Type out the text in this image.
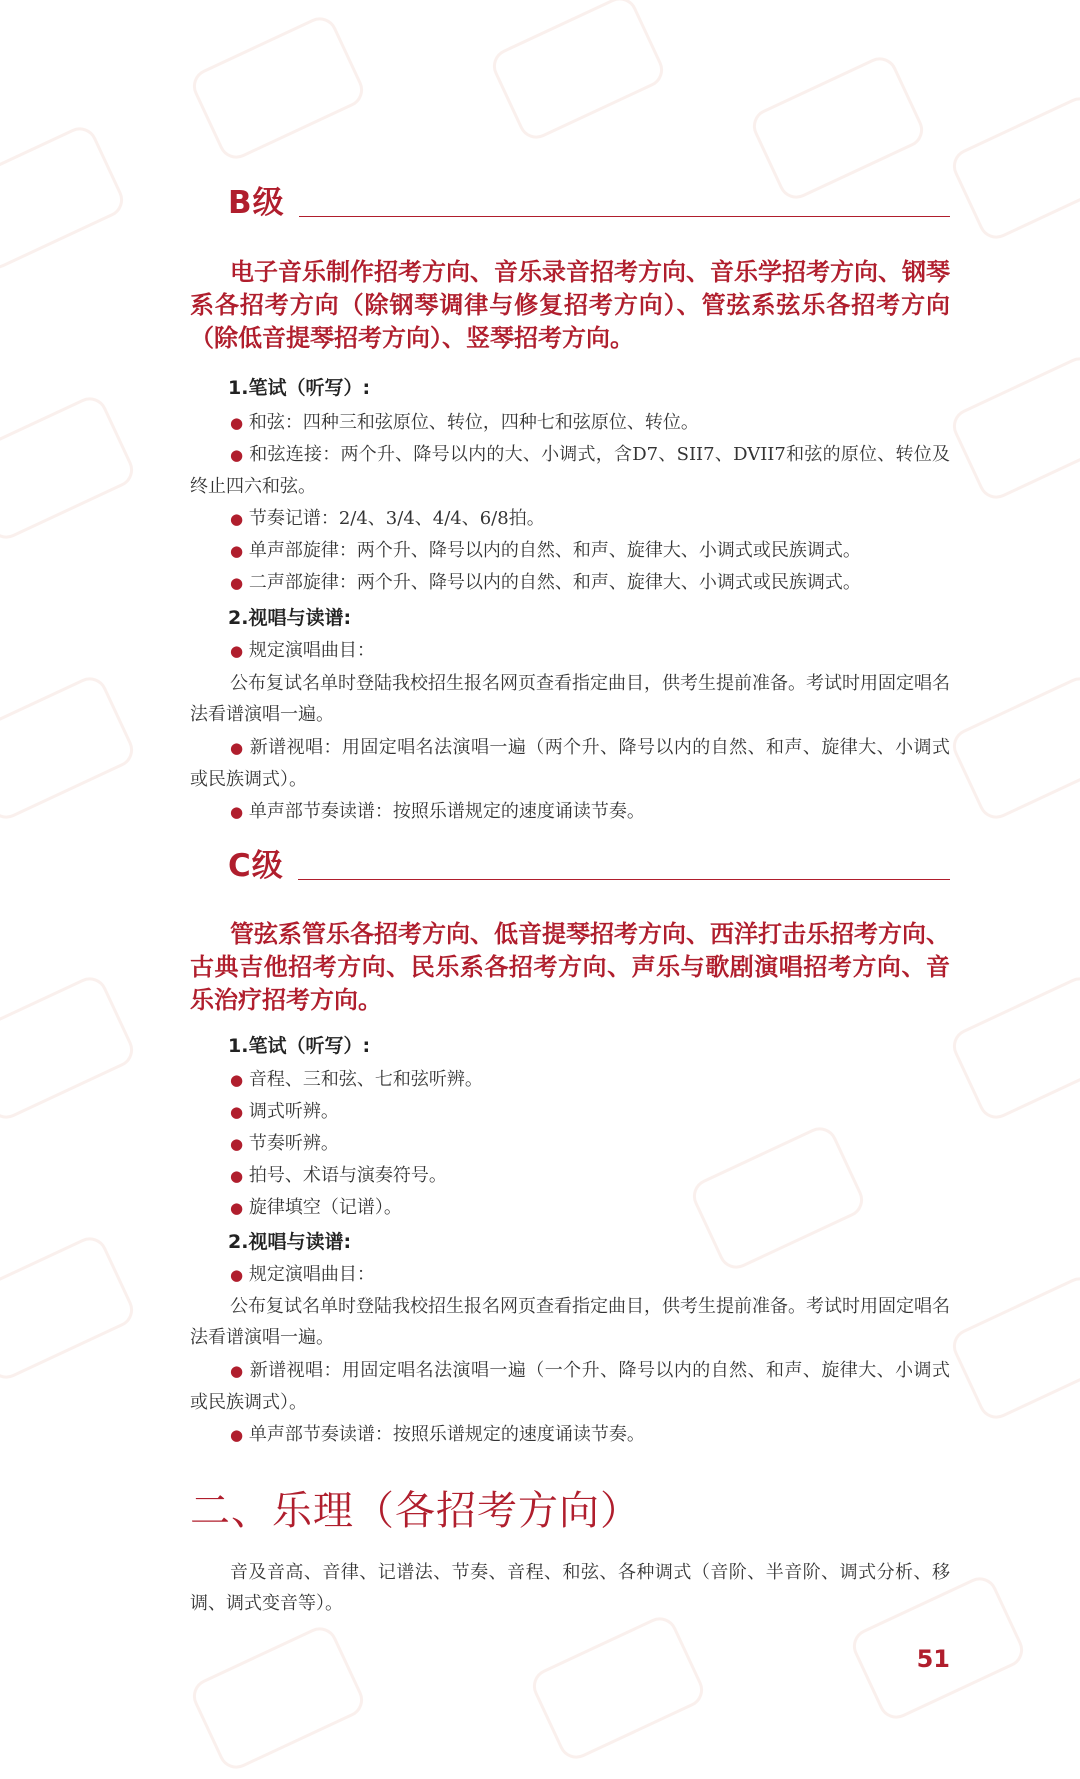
B级
电子音乐制作招考方向、音乐录音招考方向、音乐学招考方向、钢琴系各招考方向（除钢琴调律与修复招考方向）、管弦系弦乐各招考方向（除低音提琴招考方向）、竖琴招考方向。
1.笔试（听写）:
● 和弦：四种三和弦原位、转位，四种七和弦原位、转位。
● 和弦连接：两个升、降号以内的大、小调式，含D7、SII7、DVII7和弦的原位、转位及终止四六和弦。
● 节奏记谱：2/4、3/4、4/4、6/8拍。
● 单声部旋律：两个升、降号以内的自然、和声、旋律大、小调式或民族调式。
● 二声部旋律：两个升、降号以内的自然、和声、旋律大、小调式或民族调式。
2.视唱与读谱:
● 规定演唱曲目：
公布复试名单时登陆我校招生报名网页查看指定曲目，供考生提前准备。考试时用固定唱名法看谱演唱一遍。
● 新谱视唱：用固定唱名法演唱一遍（两个升、降号以内的自然、和声、旋律大、小调式或民族调式）。
● 单声部节奏读谱：按照乐谱规定的速度诵读节奏。
C级
管弦系管乐各招考方向、低音提琴招考方向、西洋打击乐招考方向、古典吉他招考方向、民乐系各招考方向、声乐与歌剧演唱招考方向、音乐治疗招考方向。
1.笔试（听写）:
● 音程、三和弦、七和弦听辨。
● 调式听辨。
● 节奏听辨。
● 拍号、术语与演奏符号。
● 旋律填空（记谱）。
2.视唱与读谱:
● 规定演唱曲目：
公布复试名单时登陆我校招生报名网页查看指定曲目，供考生提前准备。考试时用固定唱名法看谱演唱一遍。
● 新谱视唱：用固定唱名法演唱一遍（一个升、降号以内的自然、和声、旋律大、小调式或民族调式）。
● 单声部节奏读谱：按照乐谱规定的速度诵读节奏。
二、乐理（各招考方向）
音及音高、音律、记谱法、节奏、音程、和弦、各种调式（音阶、半音阶、调式分析、移调、调式变音等）。
51
